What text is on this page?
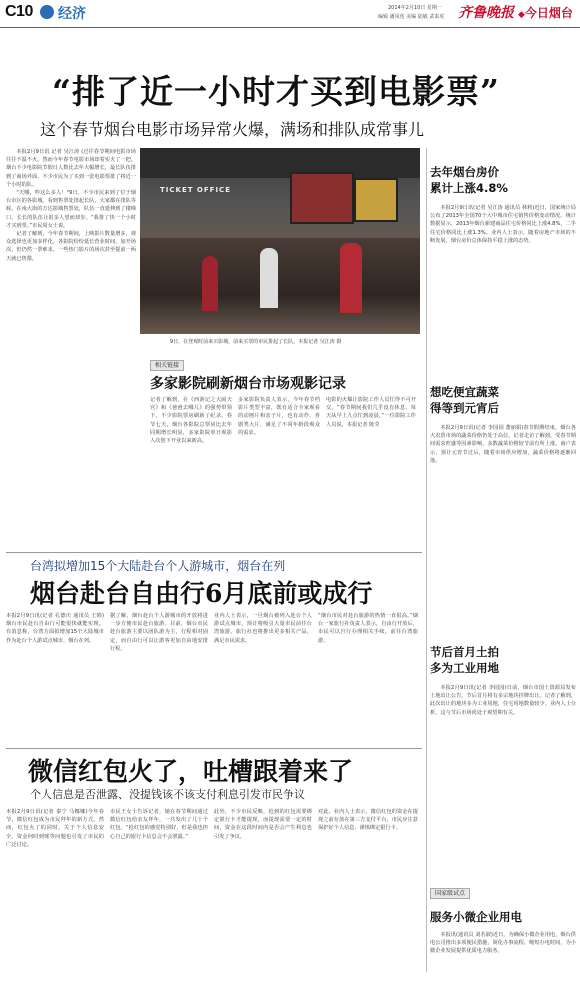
C10 经济	2014年2月10日 星期一
编辑 潘凤莲 美编 陆敏 武泰虎 齐鲁晚报 ◆今日烟台
“排了近一小时才买到电影票”
这个春节烟台电影市场异常火爆，满场和排队成常事儿

本报2月9日讯 记者 吴江涛 (过往春节期间电影市场往往不温不火，然而今年春节电影市场却着实火了一把。烟台不少电影院节假日人数比去年大幅增长，最长队伍排到了商场外面，不少市民为了买到一张电影票排了将近一个小时的队。

"天哪，咋这么多人！"9日，不少市民来到了位于烟台市区的各影城，看到售票处排起长队，大家都在排队等候。在南大街的万达影城售票处，队伍一直延伸到了楼梯口，长长的队伍让很多人望而却步。“我排了快一个小时才买到票。”市民周女士说。

记者了解到，今年春节期间，上映影片数量增多，观众选择也更加多样化。各影院纷纷延长营业时间，加开场次，但仍然一票难求。一些热门影片的场次甚至提前一两天就已售罄。

TICKET OFFICE
9日，在登观时前来买影城，前来买票的市民排起了长队。本报记者 吴江涛 摄
相关链接
多家影院刷新烟台市场观影记录
记者了解到，在《西游记之大闹天宫》和《爸爸去哪儿》的强势带领下，不少影院票房刷新了纪录。春节七天，烟台各影院总票房比去年同期增长明显，多家影院单日观影人次创下开业以来新高。
多家影院负责人表示，今年春节档影片类型丰富，既有适合全家观看的动画片和亲子片，也有动作、喜剧类大片，满足了不同年龄段观众的需求。
电影的火爆让影院工作人员忙得不可开交。“春节期间我们几乎没有休息，每天从早上九点忙到凌晨。”一位影院工作人员说。本报记者 陈莹
台湾拟增加15个大陆赴台个人游城市，烟台在列
烟台赴台自由行6月底前或成行
本报2月9日讯(记者 孔德庆 通讯员 王锦)烟台市民赴台自由行可能很快就能实现。有消息称，台湾方面拟增加15个大陆城市作为赴台个人游试点城市，烟台在列。
据了解，烟台赴台个人游城市的开放将进一步方便市民赴台旅游。目前，烟台市民赴台旅游主要以团队游为主，行程相对固定，而自由行可以让游客更加自由地安排行程。
业内人士表示，一旦烟台被列入赴台个人游试点城市，预计将吸引大量市民前往台湾旅游。旅行社也将推出更多相关产品，满足市民需求。
“烟台市民对赴台旅游的热情一直很高。”烟台一家旅行社负责人表示，自由行开放后，市民可以自行办理相关手续，前往台湾旅游。
微信红包火了，吐槽跟着来了
个人信息是否泄露、没提钱该不该支付利息引发市民争议
本报2月9日讯(记者 秦宁 马娜娜)今年春节，微信红包成为市民拜年的新方式。然而，红包火了的同时，关于个人信息安全、资金何时到账等问题也引发了市民的广泛讨论。
市民王女士告诉记者，她在春节期间通过微信红包给亲友拜年，一共发出了几十个红包。“抢红包的感觉特别好，但是我也担心自己的银行卡信息会不会泄露。”
此外，不少市民反映，抢到的红包需要绑定银行卡才能提现，而提现需要一定的时间，资金在这段时间内是否会产生利息也引发了争议。
对此，业内人士表示，微信红包的资金在提现之前存放在第三方支付平台，市民应注意保护好个人信息，谨慎绑定银行卡。
去年烟台房价
累计上涨4.8%
本报2月9日讯(记者 吴江涛 通讯员 林莉)近日，国家统计局公布了2013年全国70个大中城市住宅销售价格变动情况。统计数据显示，2013年烟台新建商品住宅价格同比上涨4.8%，二手住宅价格同比上涨1.3%。业内人士表示，随着房地产市场的不断发展，烟台房价总体保持平稳上涨的态势。
想吃便宜蔬菜
得等到元宵后
本报2月9日讯(记者 李园园 董丽娟)春节假期结束，烟台各大农贸市场的蔬菜价格仍处于高位。记者走访了解到，受春节期间需求旺盛等因素影响，多数蔬菜价格较节前有所上涨。商户表示，预计元宵节过后，随着市场供应增加，蔬菜价格将逐渐回落。
节后首月土拍
多为工业用地
本报2月9日讯(记者 李园园)日前，烟台市国土资源局发布土地出让公告，节后首月将有多宗地块挂牌出让。记者了解到，此次出让的地块多为工业用地，住宅用地数量较少。业内人士分析，这与节后市场尚处于观望期有关。
国家级试点
服务小微企业用电
本报讯(通讯员 刘若淑)近日，为确保小微企业用电，烟台供电公司推出多项便民措施，简化办事流程，缩短办电时间，为小微企业发展提供优质电力服务。
